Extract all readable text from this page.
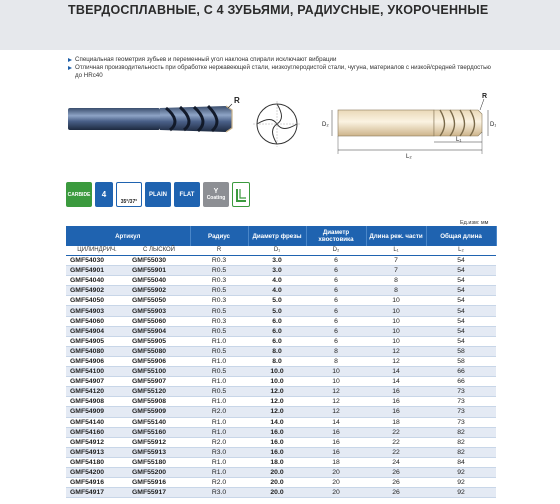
ТВЕРДОСПЛАВНЫЕ, С 4 ЗУБЬЯМИ, РАДИУСНЫЕ, УКОРОЧЕННЫЕ
Специальная геометрия зубьев и переменный угол наклона спирали исключают вибрации
Отличная производительность при обработке нержавеющей стали, низкоуглеродистой стали, чугуна, материалов с низкой/средней твердостью до HRc40
R
D₂	D₁
R
L₁
L₂
CARBIDE	4
35°/37°
PLAIN	FLAT	Y
Coating
Ед.изм: мм
Артикул		Радиус	Диаметр фрезы	Диаметр хвостовика	Длина реж. части	Общая длина
ЦИЛИНДРИЧ.	С ЛЫСКОЙ	R	D₁	D₂	L₁	L₂
GMF54030	GMF55030	R0.3	3.0	6	7	54
GMF54901	GMF55901	R0.5	3.0	6	7	54
GMF54040	GMF55040	R0.3	4.0	6	8	54
GMF54902	GMF55902	R0.5	4.0	6	8	54
GMF54050	GMF55050	R0.3	5.0	6	10	54
GMF54903	GMF55903	R0.5	5.0	6	10	54
GMF54060	GMF55060	R0.3	6.0	6	10	54
GMF54904	GMF55904	R0.5	6.0	6	10	54
GMF54905	GMF55905	R1.0	6.0	6	10	54
GMF54080	GMF55080	R0.5	8.0	8	12	58
GMF54906	GMF55906	R1.0	8.0	8	12	58
GMF54100	GMF55100	R0.5	10.0	10	14	66
GMF54907	GMF55907	R1.0	10.0	10	14	66
GMF54120	GMF55120	R0.5	12.0	12	16	73
GMF54908	GMF55908	R1.0	12.0	12	16	73
GMF54909	GMF55909	R2.0	12.0	12	16	73
GMF54140	GMF55140	R1.0	14.0	14	18	73
GMF54160	GMF55160	R1.0	16.0	16	22	82
GMF54912	GMF55912	R2.0	16.0	16	22	82
GMF54913	GMF55913	R3.0	16.0	16	22	82
GMF54180	GMF55180	R1.0	18.0	18	24	84
GMF54200	GMF55200	R1.0	20.0	20	26	92
GMF54916	GMF55916	R2.0	20.0	20	26	92
GMF54917	GMF55917	R3.0	20.0	20	26	92
